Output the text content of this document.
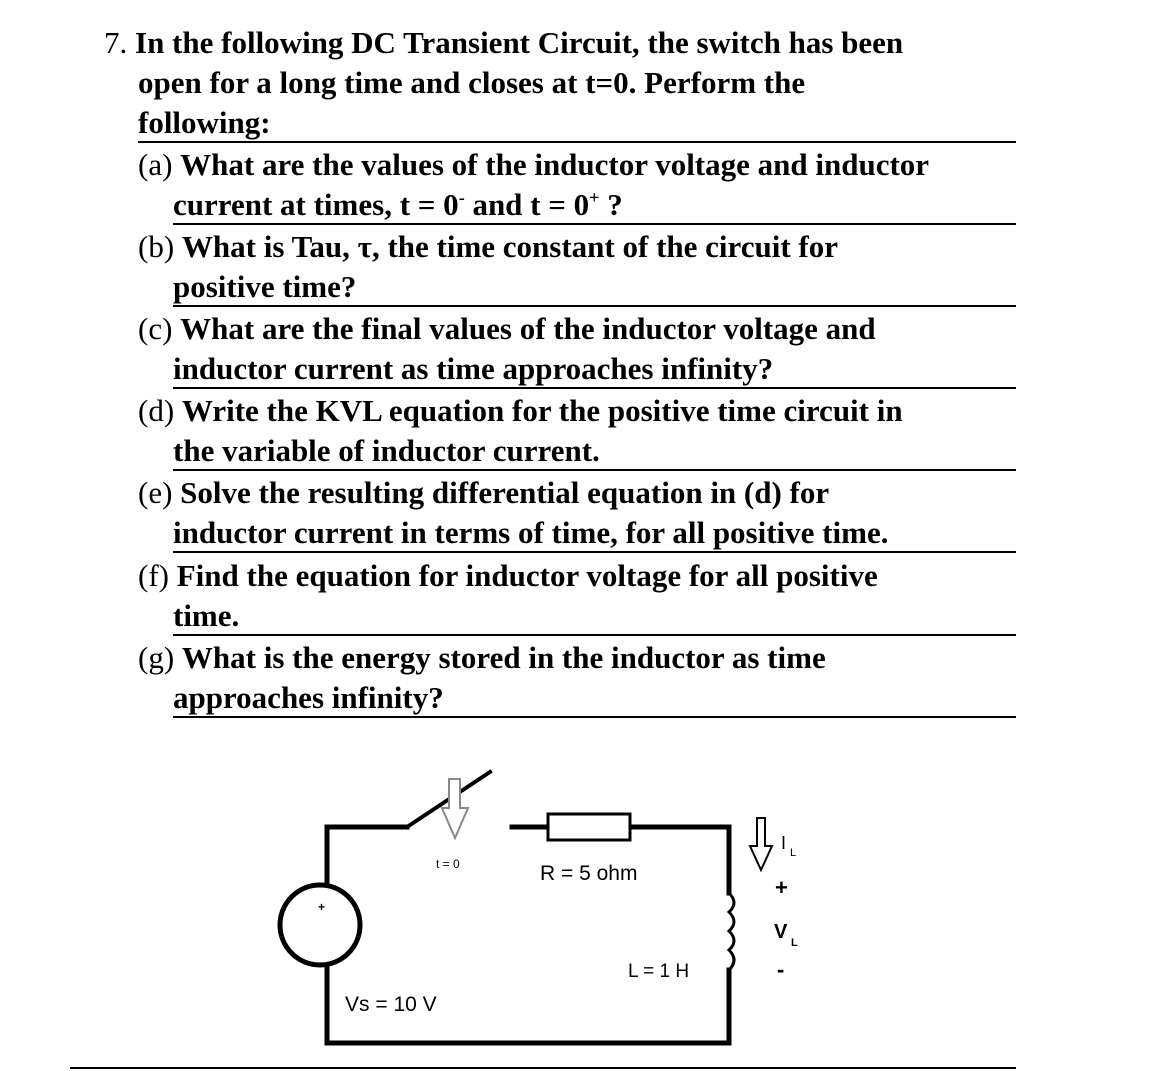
7. In the following DC Transient Circuit, the switch has been
open for a long time and closes at t=0. Perform the
following:
(a) What are the values of the inductor voltage and inductor
current at times, t = 0- and t = 0+ ?
(b) What is Tau, τ, the time constant of the circuit for
positive time?
(c) What are the final values of the inductor voltage and
inductor current as time approaches infinity?
(d) Write the KVL equation for the positive time circuit in
the variable of inductor current.
(e) Solve the resulting differential equation in (d) for
inductor current in terms of time, for all positive time.
(f) Find the equation for inductor voltage for all positive
time.
(g) What is the energy stored in the inductor as time
approaches infinity?
t = 0	R = 5 ohm
L = 1 H
Vs = 10 V
+
-
I L
+
V L
-
